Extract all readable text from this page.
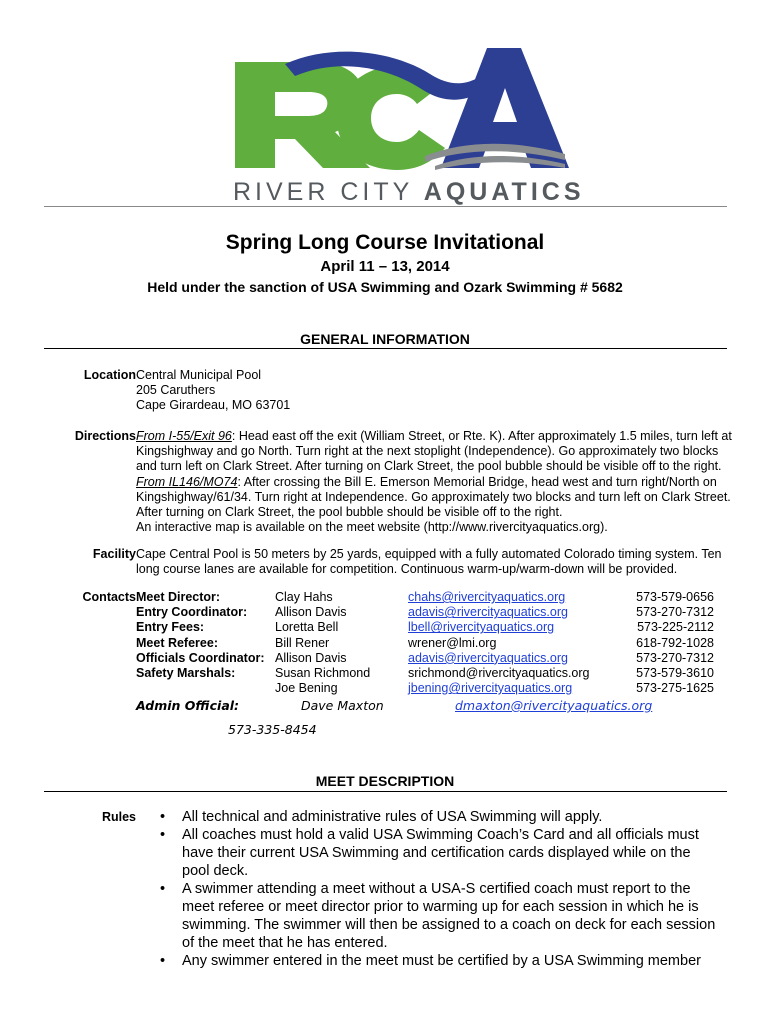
RIVER CITY AQUATICS
Spring Long Course Invitational
April 11 – 13, 2014
Held under the sanction of USA Swimming and Ozark Swimming # 5682
GENERAL INFORMATION
Location Central Municipal Pool
205 Caruthers
Cape Girardeau, MO 63701
Directions From I-55/Exit 96: Head east off the exit (William Street, or Rte. K). After approximately 1.5 miles, turn left at
Kingshighway and go North. Turn right at the next stoplight (Independence). Go approximately two blocks
and turn left on Clark Street. After turning on Clark Street, the pool bubble should be visible off to the right.
From IL146/MO74: After crossing the Bill E. Emerson Memorial Bridge, head west and turn right/North on
Kingshighway/61/34. Turn right at Independence. Go approximately two blocks and turn left on Clark Street.
After turning on Clark Street, the pool bubble should be visible off to the right.
An interactive map is available on the meet website (http://www.rivercityaquatics.org).
Facility Cape Central Pool is 50 meters by 25 yards, equipped with a fully automated Colorado timing system. Ten
long course lanes are available for competition. Continuous warm-up/warm-down will be provided.
Contacts Meet Director:
Entry Coordinator:
Entry Fees:
Meet Referee:
Officials Coordinator:
Safety Marshals:
Clay Hahs
Allison Davis
Loretta Bell
Bill Rener
Allison Davis
Susan Richmond
Joe Bening
chahs@rivercityaquatics.org
adavis@rivercityaquatics.org
lbell@rivercityaquatics.org
wrener@lmi.org
adavis@rivercityaquatics.org
srichmond@rivercityaquatics.org
jbening@rivercityaquatics.org
573-579-0656
573-270-7312
573-225-2112
618-792-1028
573-270-7312
573-579-3610
573-275-1625
Admin Official:	Dave Maxton	dmaxton@rivercityaquatics.org
573-335-8454
MEET DESCRIPTION
Rules
•	All technical and administrative rules of USA Swimming will apply.
• All coaches must hold a valid USA Swimming Coach’s Card and all officials must
have their current USA Swimming and certification cards displayed while on the
pool deck.
• A swimmer attending a meet without a USA-S certified coach must report to the
meet referee or meet director prior to warming up for each session in which he is
swimming. The swimmer will then be assigned to a coach on deck for each session
of the meet that he has entered.
• Any swimmer entered in the meet must be certified by a USA Swimming member
